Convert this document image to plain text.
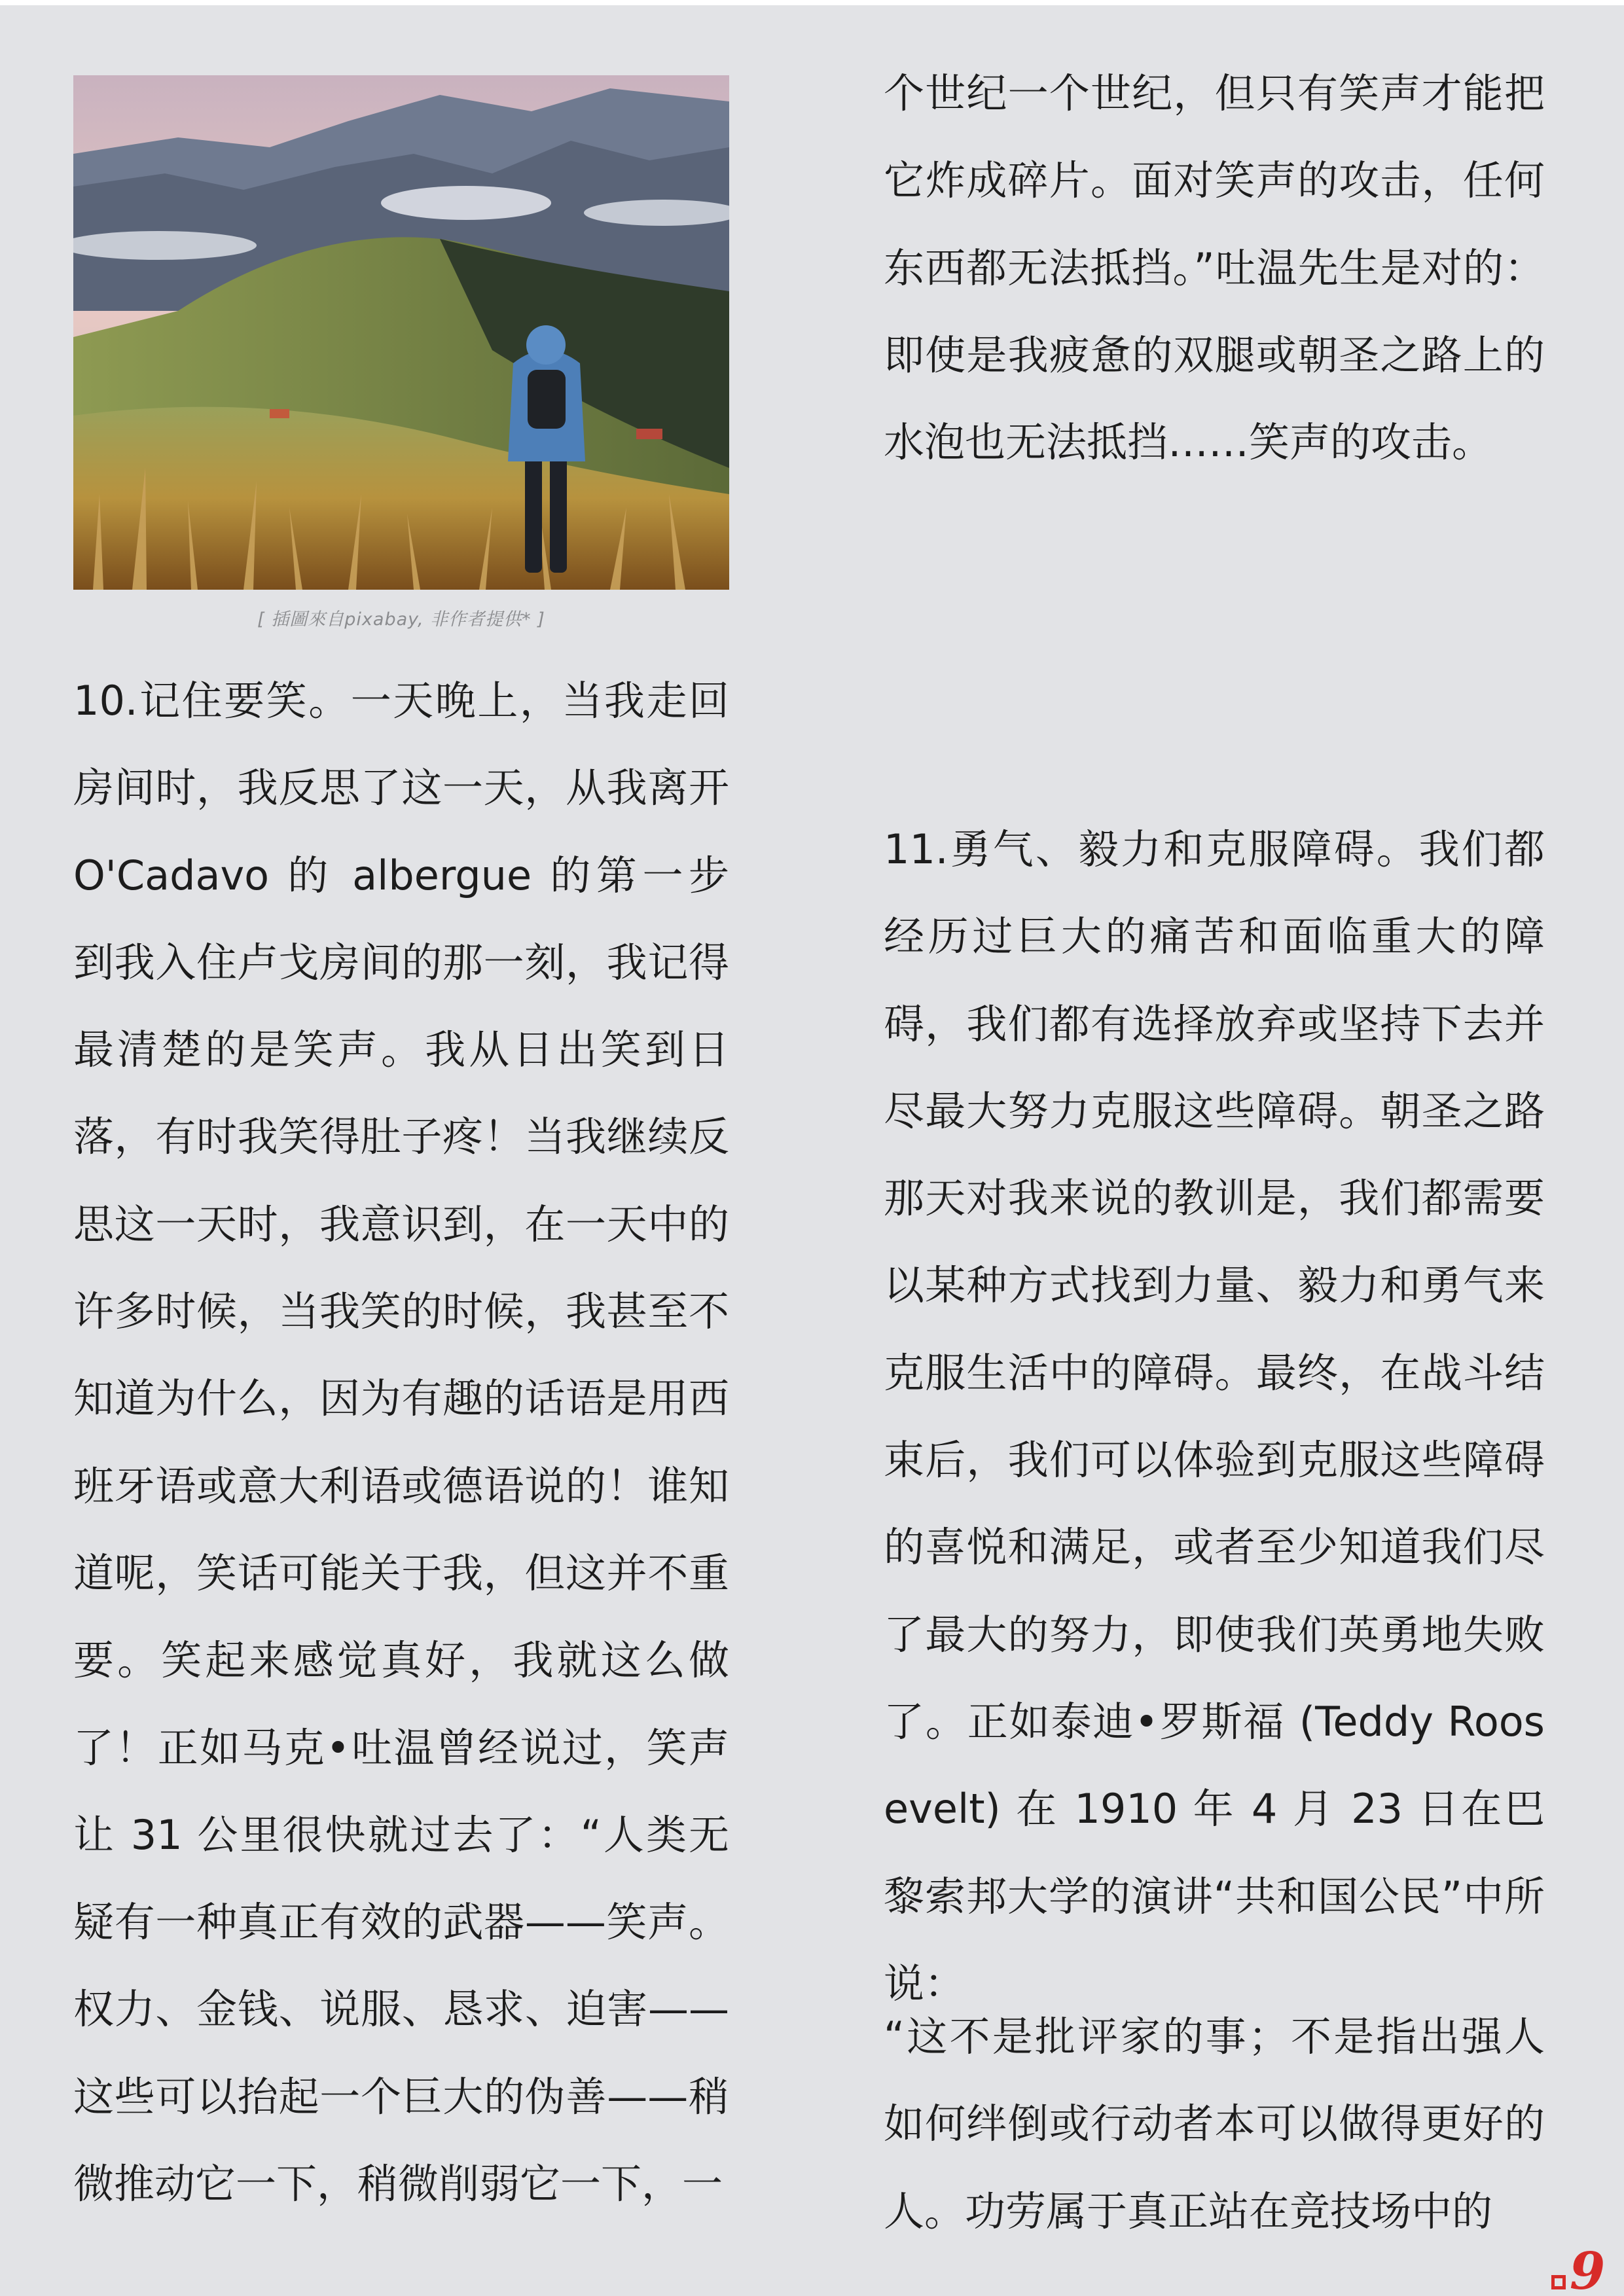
[ 插圖來自pixabay, 非作者提供* ]

10.记住要笑。一天晚上，当我走回房间时，我反思了这一天，从我离开 O'Cadavo 的 albergue 的第一步到我入住卢戈房间的那一刻，我记得最清楚的是笑声。我从日出笑到日落，有时我笑得肚子疼！当我继续反思这一天时，我意识到，在一天中的许多时候，当我笑的时候，我甚至不知道为什么，因为有趣的话语是用西班牙语或意大利语或德语说的！谁知道呢，笑话可能关于我，但这并不重要。笑起来感觉真好，我就这么做了！正如马克•吐温曾经说过，笑声让 31 公里很快就过去了：“人类无疑有一种真正有效的武器——笑声。权力、金钱、说服、恳求、迫害——这些可以抬起一个巨大的伪善——稍微推动它一下，稍微削弱它一下，一

个世纪一个世纪，但只有笑声才能把它炸成碎片。面对笑声的攻击，任何东西都无法抵挡。”吐温先生是对的：即使是我疲惫的双腿或朝圣之路上的水泡也无法抵挡……笑声的攻击。

11.勇气、毅力和克服障碍。我们都经历过巨大的痛苦和面临重大的障碍，我们都有选择放弃或坚持下去并尽最大努力克服这些障碍。朝圣之路那天对我来说的教训是，我们都需要以某种方式找到力量、毅力和勇气来克服生活中的障碍。最终，在战斗结束后，我们可以体验到克服这些障碍的喜悦和满足，或者至少知道我们尽了最大的努力，即使我们英勇地失败了。正如泰迪•罗斯福 (Teddy Roosevelt) 在 1910 年 4 月 23 日在巴黎索邦大学的演讲“共和国公民”中所说：

“这不是批评家的事；不是指出强人如何绊倒或行动者本可以做得更好的人。功劳属于真正站在竞技场中的

9
